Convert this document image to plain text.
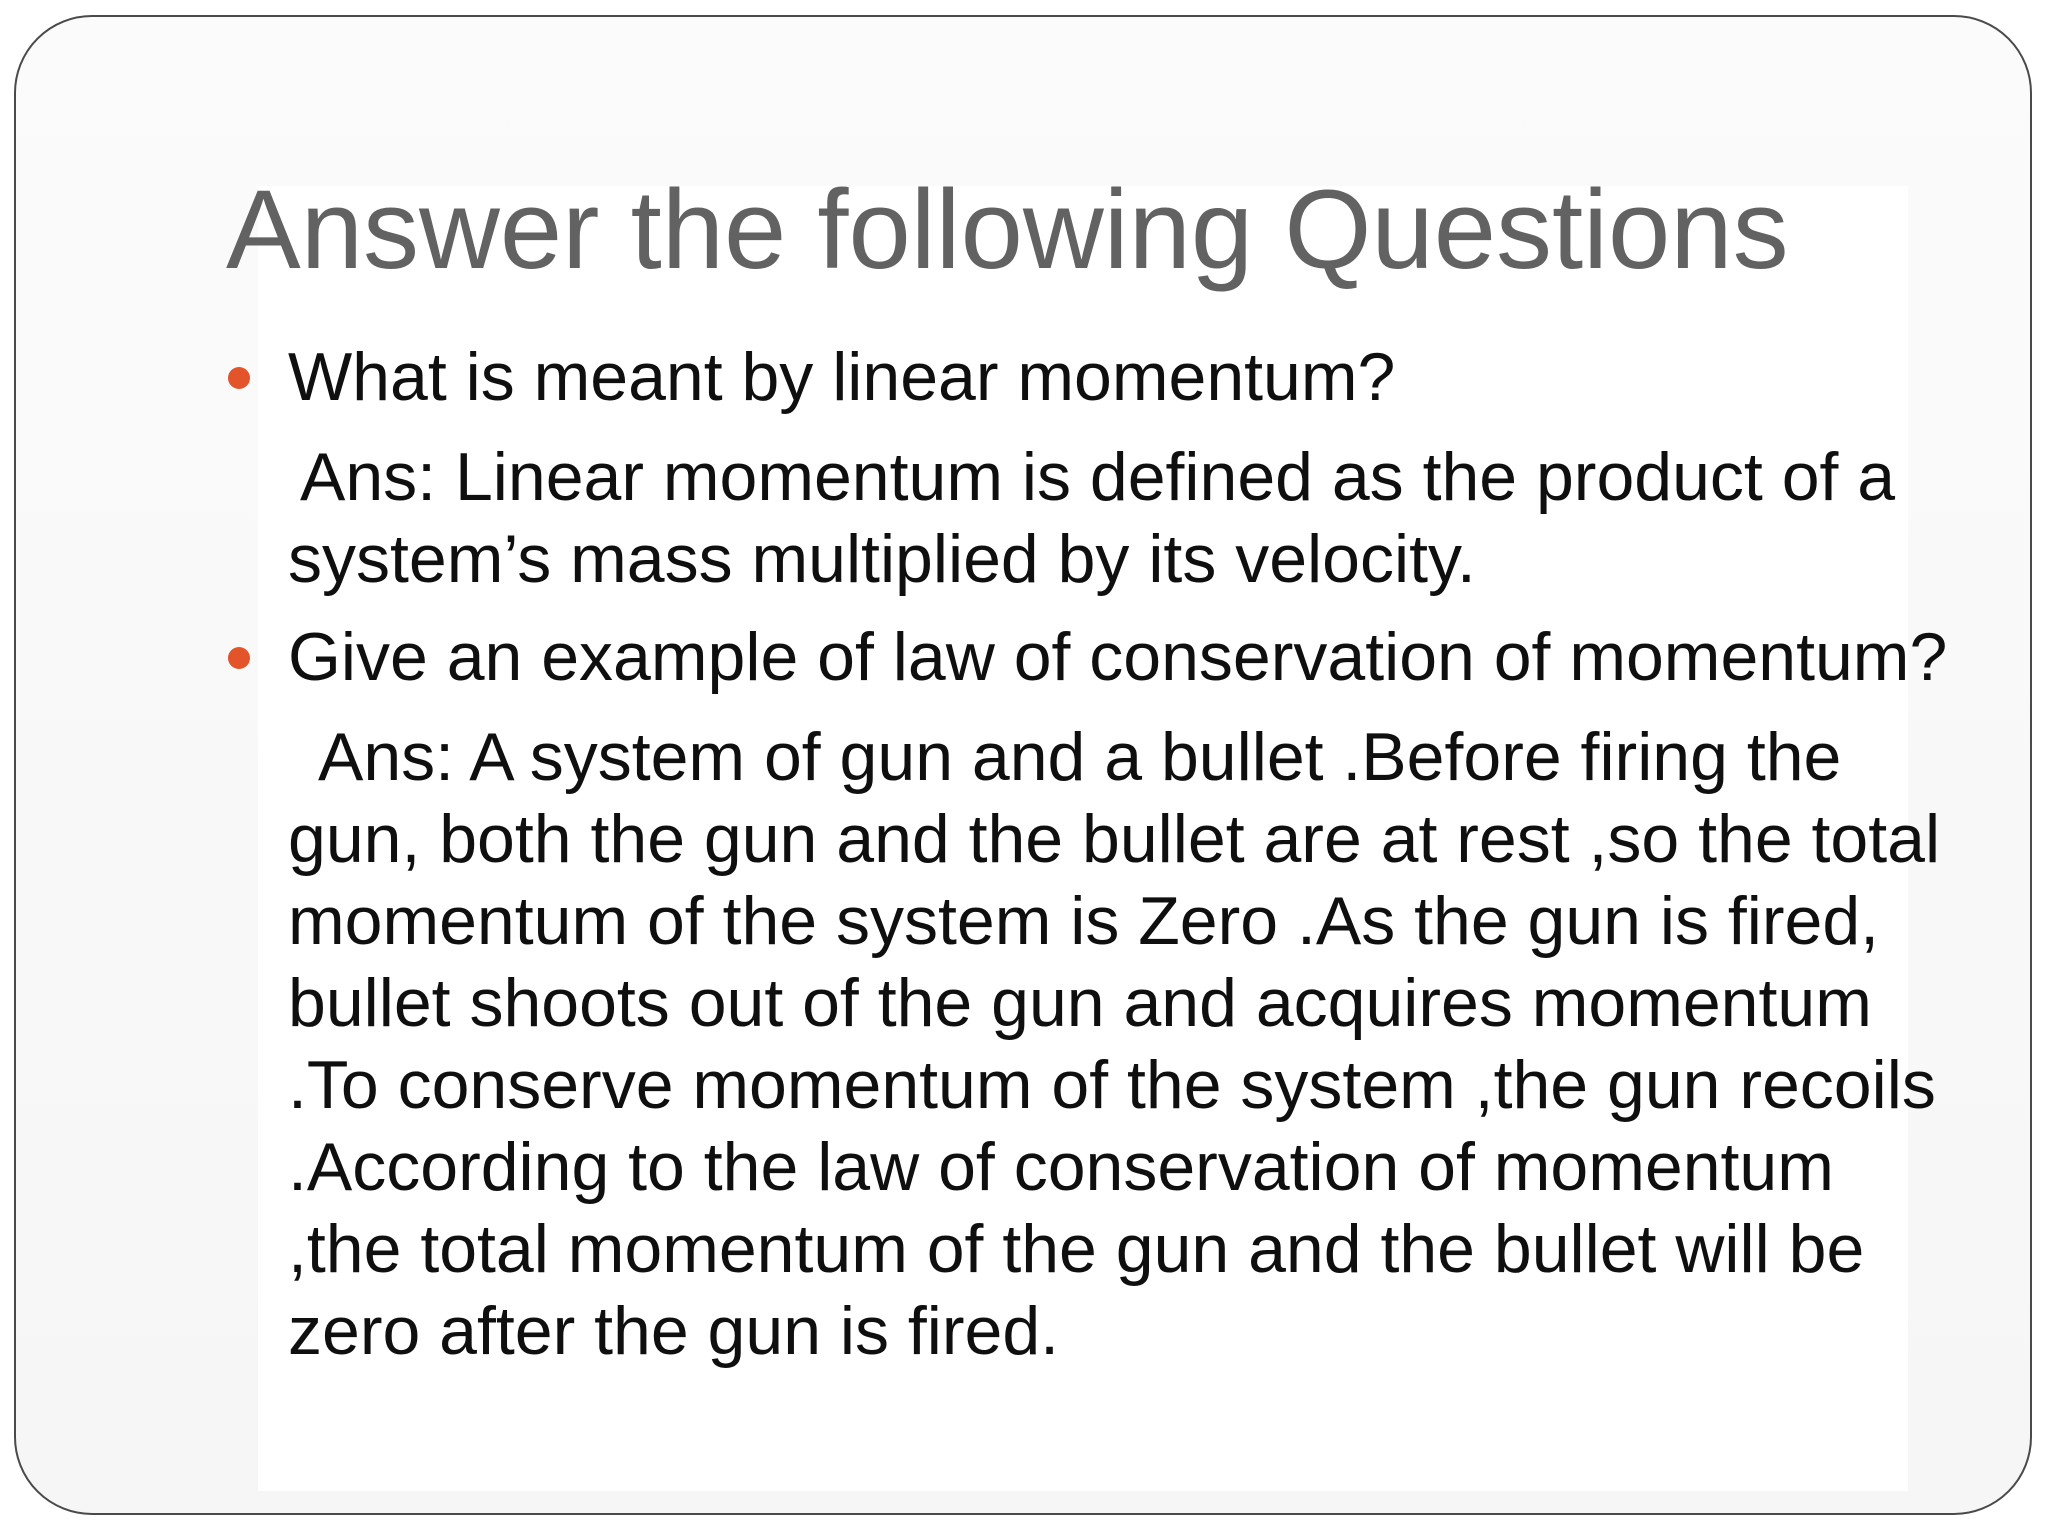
Answer the following Questions
What is meant by linear momentum?
Ans: Linear momentum is defined as the product of a system’s mass multiplied by its velocity.
Give an example of law of conservation of momentum?
Ans: A system of gun and a bullet .Before firing the gun, both the gun and the bullet are at rest ,so the total momentum of the system is Zero .As the gun is fired, bullet shoots out of the gun and acquires momentum .To conserve momentum of the system ,the gun recoils .According to the law of conservation of momentum ,the total momentum of the gun and the bullet will be zero after the gun is fired.
